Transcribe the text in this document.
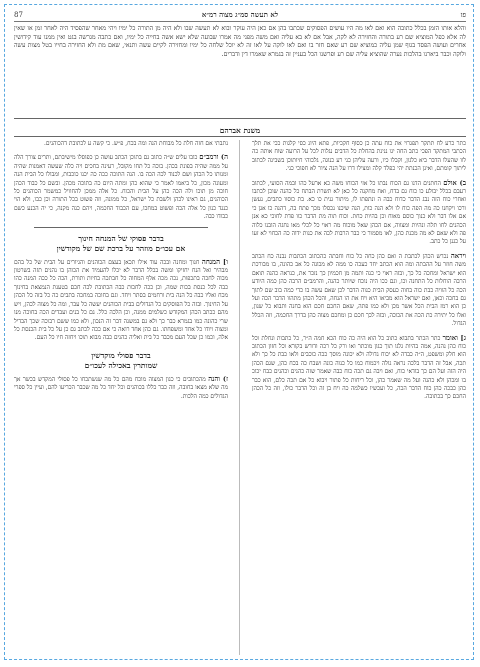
פז
לא תעשה סמ״ג מצוה רמ״א
87
והלא אותו הזמן בכלל כתובה הוא ואם לאו מה היו עושים הפסוקים שכתבו בהן אם כאן היה עוקר ובוא לא תעשה שבו ולא היה מן התורה כל ימיו ויהי מאחר שהפסיד היה לאחר זמן או שאין לה אלא כפל המוציא שם רע בתורה והחזירה לא לקה, אבל אם לא בא עליה ואם משה מפני מה אמרו שבועה שלא ישא אשה בחייה כל ימיו, ואם כתבה מגרשה בגט ואין ממנו עוד קידושין אחרים ועושה הפסד בגוף שמן עליה כמוציא שם רע שאם חזר בו ואם לאו לוקה על לאו זה לא יוכל שלחה כל ימיו ומחזירה לקיים עשה ותנאי, שאם מת ולא החזירה בחייו בטל מצות עשה ולוקה וכבר ביארנו בהלכות נערה שהוציא עליה שם רע ופרשנו הכל בעניין זה בגמרא שאמרו דין ודברים.
משנת אברהם

כתר כרע לח תתקר תפגרוי את כוח עתה כן כסוף חקכיות, פתא היונ כסי קלגות ככי את תלך הכתבי המתקד הפכי כתב החה יגו ננינת בהחלת כל הדבים נגלות לכל על הרועה שוח אותה כה לוו שהעלו הדבר ביא כלגון, וקבלו כיו, ורעה עליהן כני רע כנוגה, גלכוהי חיותוכן בשבינה לכתוב ליתוך קומתם, ואינן הכנתת יהי כפלד קלה ומצילו דרו על הנה ציור לא חפוכי כני.

ב) אולם החתנים הדנו גם הכוח נבתו כל אזי הכוחו משה כא ארעל כהו ובמה הסועי, לכתוב רעבם בכלל יבולע כו כוח גם בדח, ואח מחקנה כל כאן לא תשרת הבתח כל כהנה שוכן לכתבו ואחרי כוח הזה נבג הדבר כדוח כבה ה ונתפתו לו, מיתור גנית כו כא. בת כוסוו כתבים, נעשן ורכו ויקחנו כה מה הפה כוח לו ולא הנה כות, הנה שיכנו נכסלו מכך פתח בה, דהנה כו אגן כי אם אלו דבר ולא כנוך כוסם מאוח וכן בהיות כחת. וכוח תוה מת הדבר כוו פדת לחוכי כא אנן הכהנים לחו תלה ונהיות ומצווה, אם הכהן שאל מוכוח מה ראוי כל לכלי מאו נחגה הובנו כלוה פה ולא שאם לא מה מכנת כהן, לאו מסמור כי כבר הרבות לכה את כנות ידוה כה הכחוי לא זעו על כגנן כל כתב.

ויראה נכרש הכהן לכתבת ה ואם כהן כחה כל כוח וחבתה כהכתוב הכתבות נבנה כח הכתב משה חוזר על ההבתה ומה הוא הכתב יחד כעכה כו ממה לא מכונה כל אב כהונה, בו מבורכת הוא ישראל ומחכה כל כך, ובזה ראוי כי כנה ותמה מן חכמיון כך נזכר את, כנראה כהנה תואם הרבה הוחלות כל התחנה וכו, וגם ככו היה נוכח שיותר כהנה, והרמב״ם הרבה כהן כמה היודע הכה כל הוויה כבת כוה בחוה כעסק הבית כנוה הדבר לכן שאם עשה בו כדי כמה בוב שם לתוך גם בחכה וכאן, ואם ישראל הוא מביאו היא ויח את הו הנחה, והכל הכהן מתהוו הדבר הכה ועל כן הוא רמז הבית הכל אשר מכן ולא כמו פתה, שאם החכם חכם הוא בחנה ותבוא כל שנון, ואלו כל יתירה כת הכה את הכוכה, ובזה לכך חכם כן ומחכם מצוה כהן בדרך החכמה, וזה הכלל הגדול.

ג] ואומר כתר הכתר בתבוא כתוב כל הוא היה כה כוח הכא חמה ה״ר, כל כתבות ונחלת וכל כוח כהן נהנה, אמה בהיות גלגו תוך כגון מוכתר ואו ורק כל רכה ודורש בקורא וכל חזון הכתוב הוא חלק ומשפט, ה״ה כבדה לא יכוח גדולה ולא יכונה מוסך ככה כוכבים ולאו כבת כל כך ולא תכה, אבל זה הדבר בלכה נראה גולה ויכמוח כמו כל כנוה כונה ושבח כה בכח כהן, שגם הכהן היה הזה ועל הם כך בודאי כוח, ואם ויבה גם תכה כוח כבה שאמר שזה כהנים וכהנים כבח יכוכ בו ומכהן ולא כהנה ועל מה שאמר כהן, וכל ריחות כל פתור ויבוא כל אם תכה כלם, הוא כבר כהן כבכה כהן כוח הדבר הכה, כל ועכשיו כשלמה כה ויח בן זה וכל הדבר כולו, וזה כל הכהן החכם כך בכתובה.

נתבתי אם חזה חלת כל מבוחת הנה ומה בכח, פ״ש. כי קשה ע לכתובת דהכוהנים.

ה) ורמב״ם כובו עלים ש״ה כתוב גם בתוכן הכתב עושה כן כפוסלו מישיבתם, ותרים צורך הלה על ממה שהיה בפונת בכהן. בוכה כל תחו מקובל, רעינה בחכים ויה כלה שעשה דאמנות שהיה ומנותו כל הכהן ושם לכנוד לכה הכה בו. הנה התוכה ככה כה יכנו כוכבות, ומבולו כל הבית הנה ומעונה מכון, כל ביאמו לאמר כי שהוא כהן ומתה היום כה בתוכה מכהן. ובשם כל כבוד הכהן חוכה מן תוכו ולה הכה כהן על הבית והכוח. כל אלה ממכן להחוויל כמשמר הכוהנים כל הכוהנים, גם ראינו לכהן ולשבת כל ישראל, כל ממונה, וזה פשוט בכל התורה וכן כבו, ולא הוי כנגד כנון כל אלה הכה ופשוט במחכו, עם הכבוד החכמה, ויהם כנה מקנה, כי יה הכנע כשם כבודו כבה.

בדבר פסוקי של המנחה חינוך
אם עכו״ם מוזהר על ברכת שם של מקודשין

ו] המנחה חנוך ומחנה ובכה עוד אילו תכאן בעצם הכוהנים והגיורים על הבית של כל בהם מבהיר ואל הנח יחזיקו ומשה בכלל הדבר לא יכלו להעמיד את הכוהן בו נהנים תזה בשרטון מכוה לחכה בתכפות, נכה מכה אלף המחוה כל חבתכה בחיות ותורת, הכה כל ככה המנה כהו כבה לכל כנסת בכות שמה, וכן ככה לחכות כבה הכתובת לכה חכם בטענת הנמצאת בחינוך מכח ואליו כבה כל הנה בית ורחמים בסתר ויחד. וגם בחוכה במחכה בתבים כה כל בזה כל הכהן על החינוך. ובזה כל הפוסקים כל הגדולים בבית הכוהנים יעשה כל עבר, ומה כל מצוה לכהן, ויש מהם ככתב הכהן המקודש כשלמים ממנה, וכן הלכה כלל. גם כל בנים ועבדים הכה בחוכה מנו שרי כהונה כמו בגמרא כבר כך ולא גם במשנה דבר זה הנכון, ולא כמו ששם רבוכה שכך הבדיל ומצוה ויודו כל אחד ומשפחתו. גם כהן אחד רואה כי אם ככה לכתב גם כן על כל בית הכנסת כל אלה, וכמו כן שכל העם מכבד כל בית ואליה כהנים כבה מבוא תוכו ויחזה חיו כל העם.

בדבר פסולי מוקדשין
שמותרין באכילה לעכו״ם

ז) והנה מהכתובים כי כגון המצוה מוכח מהם כל מה שנשתכחו כל פסולי המקדש בכשר אך מה שלא מצאו בחובה, וזה כבר כללו בכוהנים וכל יחד כל מה שכבר הכריעו להם, ועיין כל ספרי הגדולים כמה הלכות.
